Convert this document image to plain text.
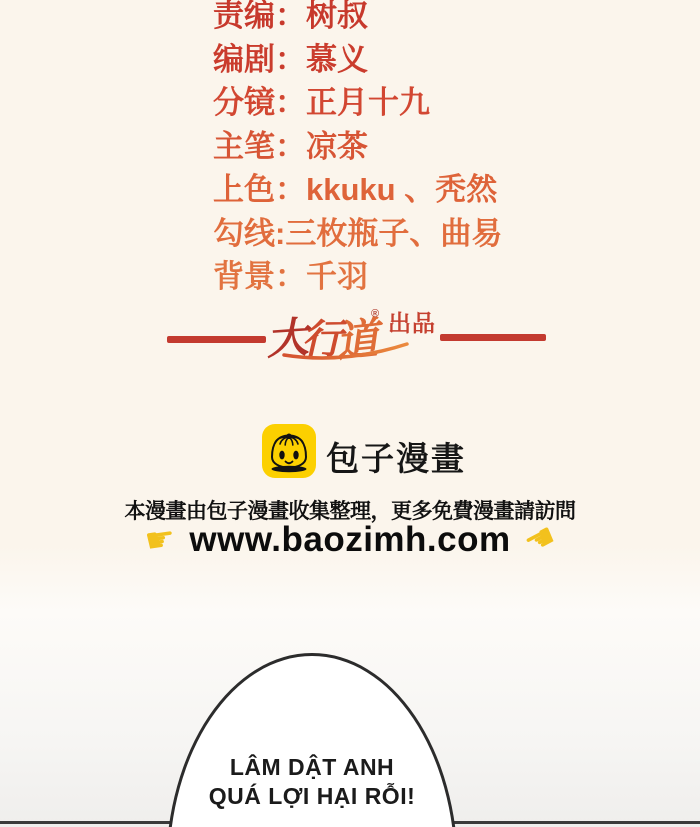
责编：树叔
编剧：慕义
分镜：正月十九
主笔：凉茶
上色：kkuku 、秃然
勾线:三枚瓶子、曲易
背景：千羽
大行道
® 出品
包子漫畫
本漫畫由包子漫畫收集整理，更多免費漫畫請訪問
☛ www.baozimh.com ☚
LÂM DẬT ANH
QUÁ LỢI HẠI RỖI!
